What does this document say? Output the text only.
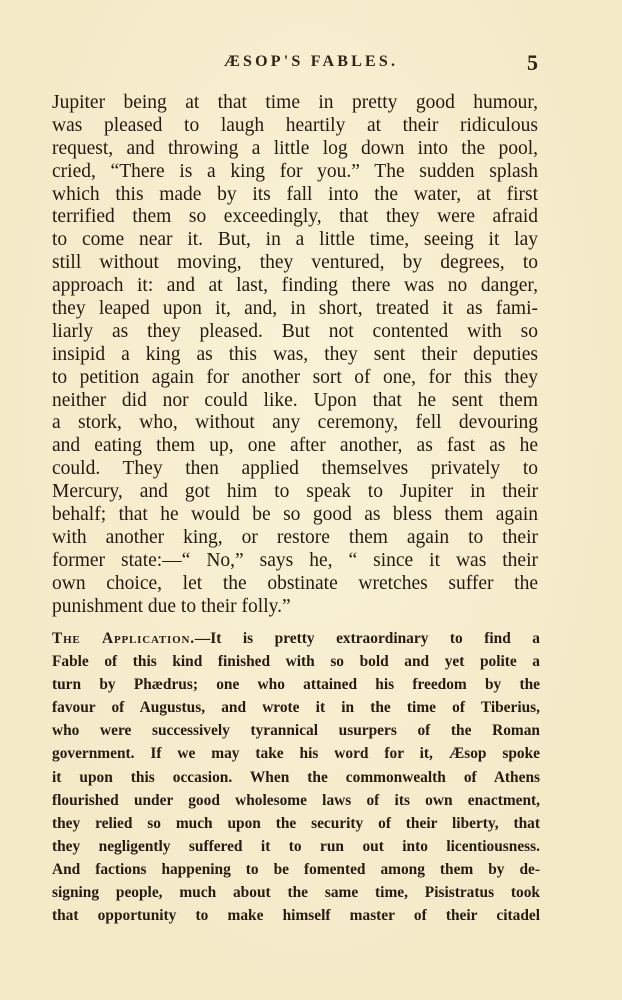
ÆSOP'S FABLES.	5
Jupiter being at that time in pretty good humour,
was pleased to laugh heartily at their ridiculous
request, and throwing a little log down into the pool,
cried, “There is a king for you.” The sudden splash
which this made by its fall into the water, at first
terrified them so exceedingly, that they were afraid
to come near it. But, in a little time, seeing it lay
still without moving, they ventured, by degrees, to
approach it: and at last, finding there was no danger,
they leaped upon it, and, in short, treated it as fami-
liarly as they pleased. But not contented with so
insipid a king as this was, they sent their deputies
to petition again for another sort of one, for this they
neither did nor could like. Upon that he sent them
a stork, who, without any ceremony, fell devouring
and eating them up, one after another, as fast as he
could. They then applied themselves privately to
Mercury, and got him to speak to Jupiter in their
behalf; that he would be so good as bless them again
with another king, or restore them again to their
former state:—“ No,” says he, “ since it was their
own choice, let the obstinate wretches suffer the
punishment due to their folly.”
The Application.—It is pretty extraordinary to find a
Fable of this kind finished with so bold and yet polite a
turn by Phædrus; one who attained his freedom by the
favour of Augustus, and wrote it in the time of Tiberius,
who were successively tyrannical usurpers of the Roman
government. If we may take his word for it, Æsop spoke
it upon this occasion. When the commonwealth of Athens
flourished under good wholesome laws of its own enactment,
they relied so much upon the security of their liberty, that
they negligently suffered it to run out into licentiousness.
And factions happening to be fomented among them by de-
signing people, much about the same time, Pisistratus took
that opportunity to make himself master of their citadel
